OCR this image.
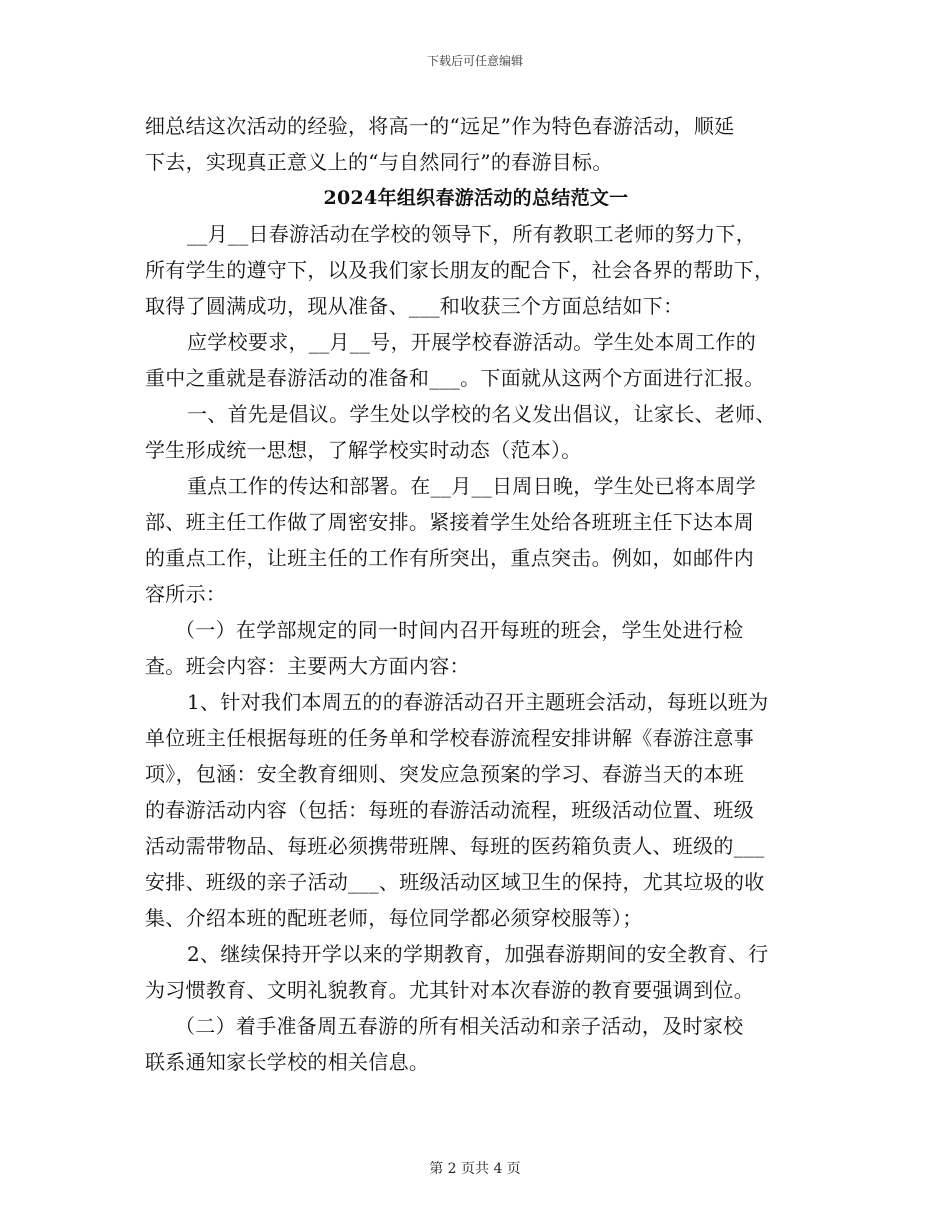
下载后可任意编辑
细总结这次活动的经验，将高一的“远足”作为特色春游活动，顺延
下去，实现真正意义上的“与自然同行”的春游目标。
2024年组织春游活动的总结范文一
__月__日春游活动在学校的领导下，所有教职工老师的努力下，
所有学生的遵守下，以及我们家长朋友的配合下，社会各界的帮助下，
取得了圆满成功，现从准备、___和收获三个方面总结如下：
应学校要求，__月__号，开展学校春游活动。学生处本周工作的
重中之重就是春游活动的准备和___。下面就从这两个方面进行汇报。
一、首先是倡议。学生处以学校的名义发出倡议，让家长、老师、
学生形成统一思想，了解学校实时动态（范本）。
重点工作的传达和部署。在__月__日周日晚，学生处已将本周学
部、班主任工作做了周密安排。紧接着学生处给各班班主任下达本周
的重点工作，让班主任的工作有所突出，重点突击。例如，如邮件内
容所示：
（一）在学部规定的同一时间内召开每班的班会，学生处进行检
查。班会内容：主要两大方面内容：
1、针对我们本周五的的春游活动召开主题班会活动，每班以班为
单位班主任根据每班的任务单和学校春游流程安排讲解《春游注意事
项》，包涵：安全教育细则、突发应急预案的学习、春游当天的本班
的春游活动内容（包括：每班的春游活动流程，班级活动位置、班级
活动需带物品、每班必须携带班牌、每班的医药箱负责人、班级的___
安排、班级的亲子活动___、班级活动区域卫生的保持，尤其垃圾的收
集、介绍本班的配班老师，每位同学都必须穿校服等）；
2、继续保持开学以来的学期教育，加强春游期间的安全教育、行
为习惯教育、文明礼貌教育。尤其针对本次春游的教育要强调到位。
（二）着手准备周五春游的所有相关活动和亲子活动，及时家校
联系通知家长学校的相关信息。
第 2 页共 4 页
